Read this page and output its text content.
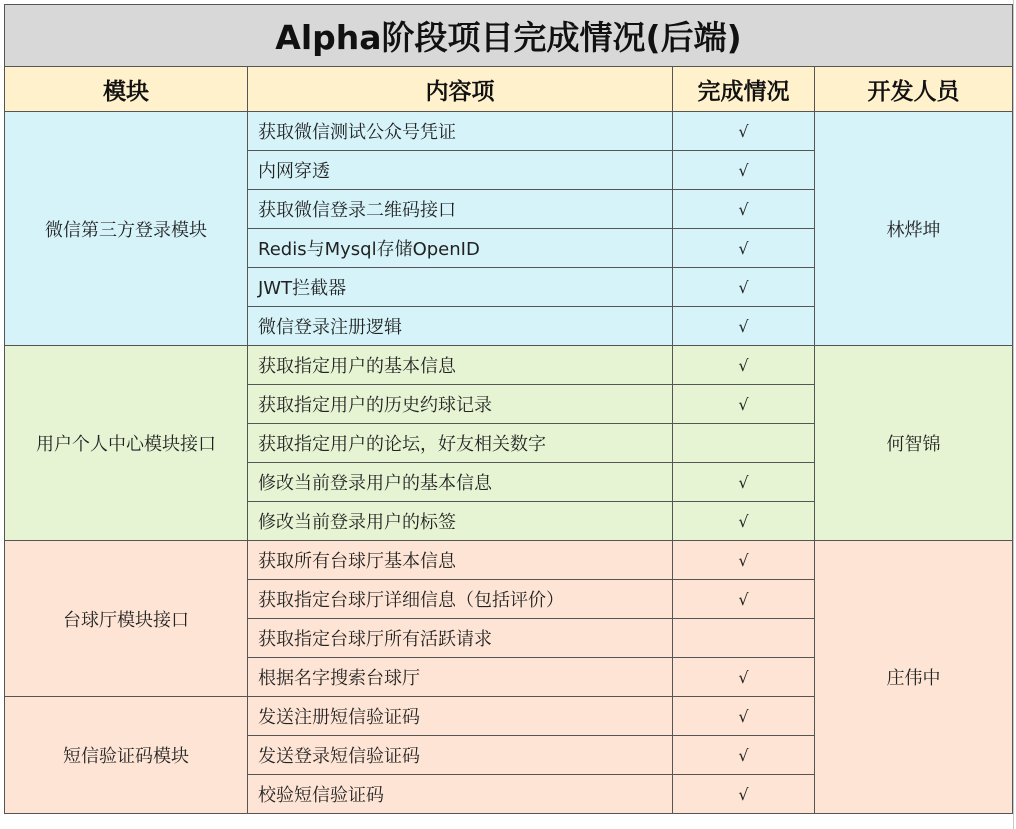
Alpha阶段项目完成情况(后端)			
模块	内容项	完成情况	开发人员
微信第三方登录模块	获取微信测试公众号凭证	√	林烨坤
	内网穿透	√	
	获取微信登录二维码接口	√	
	Redis与Mysql存储OpenID	√	
	JWT拦截器	√	
	微信登录注册逻辑	√	
用户个人中心模块接口	获取指定用户的基本信息	√	何智锦
	获取指定用户的历史约球记录	√	
	获取指定用户的论坛，好友相关数字		
	修改当前登录用户的基本信息	√	
	修改当前登录用户的标签	√	
台球厅模块接口	获取所有台球厅基本信息	√	庄伟中
	获取指定台球厅详细信息（包括评价）	√	
	获取指定台球厅所有活跃请求		
	根据名字搜索台球厅	√	
短信验证码模块	发送注册短信验证码	√	
	发送登录短信验证码	√	
	校验短信验证码	√	
